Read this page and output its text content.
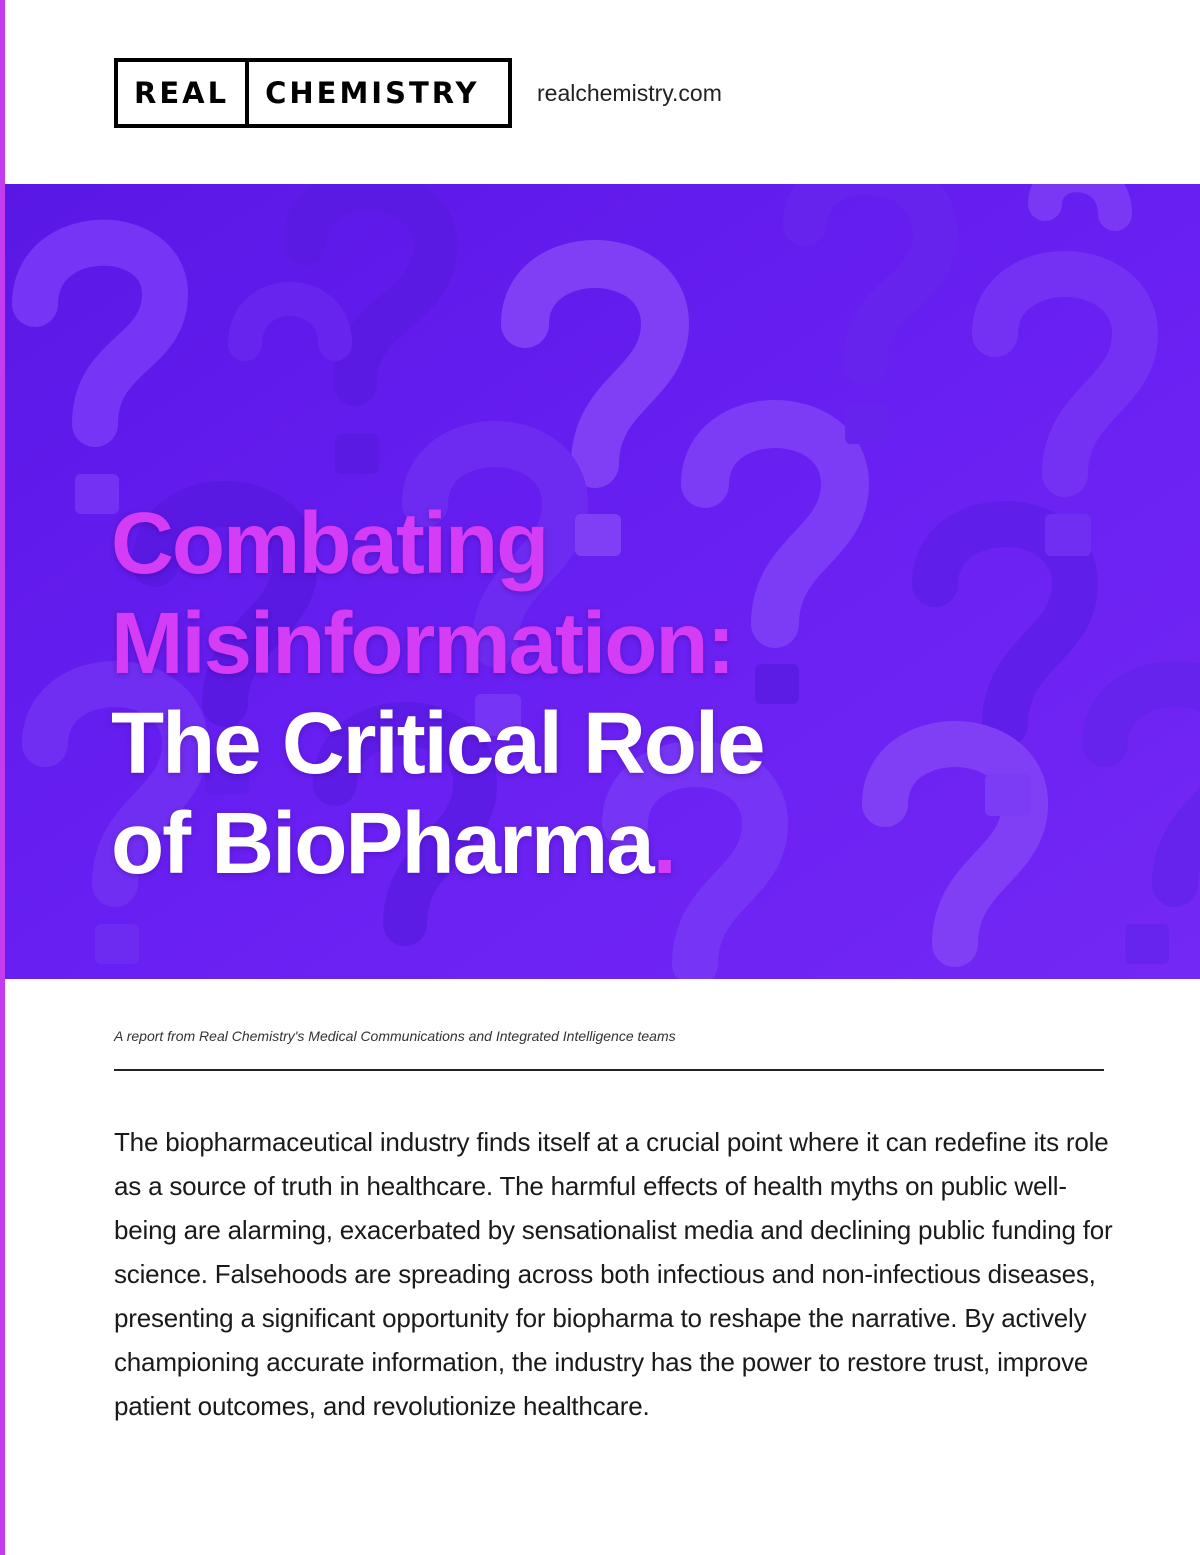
REAL	CHEMISTRY realchemistry.com
Combating
Misinformation:
The Critical Role
of BioPharma.
A report from Real Chemistry's Medical Communications and Integrated Intelligence teams

The biopharmaceutical industry finds itself at a crucial point where it can redefine its role as a source of truth in healthcare. The harmful effects of health myths on public well-being are alarming, exacerbated by sensationalist media and declining public funding for science. Falsehoods are spreading across both infectious and non-infectious diseases, presenting a significant opportunity for biopharma to reshape the narrative. By actively championing accurate information, the industry has the power to restore trust, improve patient outcomes, and revolutionize healthcare.
